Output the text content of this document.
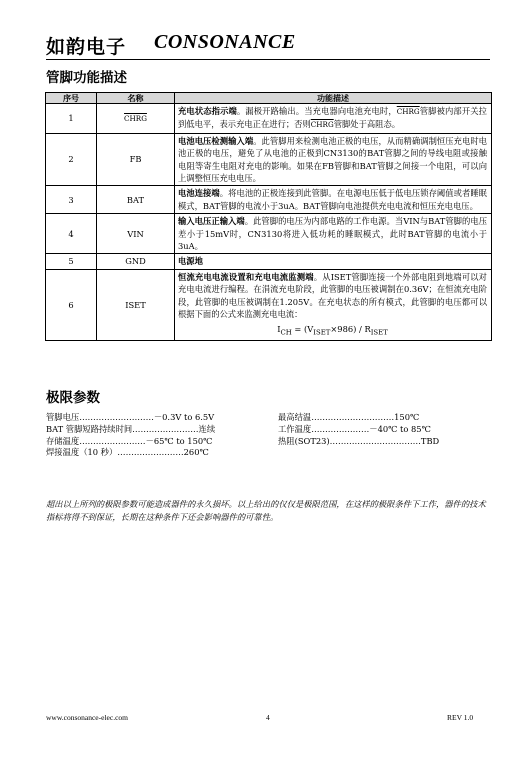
如韵电子 CONSONANCE
管脚功能描述
序号	名称	功能描述
1	CHRG	充电状态指示端。漏极开路输出。当充电器向电池充电时，CHRG管脚被内部开关拉到低电平，表示充电正在进行；否则CHRG管脚处于高阻态。
2	FB	电池电压检测输入端。此管脚用来检测电池正极的电压，从而精确调制恒压充电时电池正极的电压，避免了从电池的正极到CN3130的BAT管脚之间的导线电阻或接触电阻等寄生电阻对充电的影响。如果在FB管脚和BAT管脚之间接一个电阻，可以向上调整恒压充电电压。
3	BAT	电池连接端。将电池的正极连接到此管脚。在电源电压低于低电压锁存阈值或者睡眠模式，BAT管脚的电流小于3uA。BAT管脚向电池提供充电电流和恒压充电电压。
4	VIN	输入电压正输入端。此管脚的电压为内部电路的工作电源。当VIN与BAT管脚的电压差小于15mV时，CN3130将进入低功耗的睡眠模式，此时BAT管脚的电流小于3uA。
5	GND	电源地
6	ISET	恒流充电电流设置和充电电流监测端。从ISET管脚连接一个外部电阻到地端可以对充电电流进行编程。在涓流充电阶段，此管脚的电压被调制在0.36V；在恒流充电阶段，此管脚的电压被调制在1.205V。在充电状态的所有模式，此管脚的电压都可以根据下面的公式来监测充电电流：
$I_{CH} = (V_{ISET}\times 986) / R_{ISET}$
极限参数
管脚电压………………………－0.3V to 6.5V
BAT 管脚短路持续时间……………………连续
存储温度……………………－65℃ to 150℃
焊接温度（10 秒）……………………260℃
最高结温…………………………150℃
工作温度…………………－40℃ to 85℃
热阻(SOT23)……………………………TBD
超出以上所列的极限参数可能造成器件的永久损坏。以上给出的仅仅是极限范围，在这样的极限条件下工作，器件的技术指标将得不到保证，长期在这种条件下还会影响器件的可靠性。
www.consonance-elec.com	4	REV 1.0
